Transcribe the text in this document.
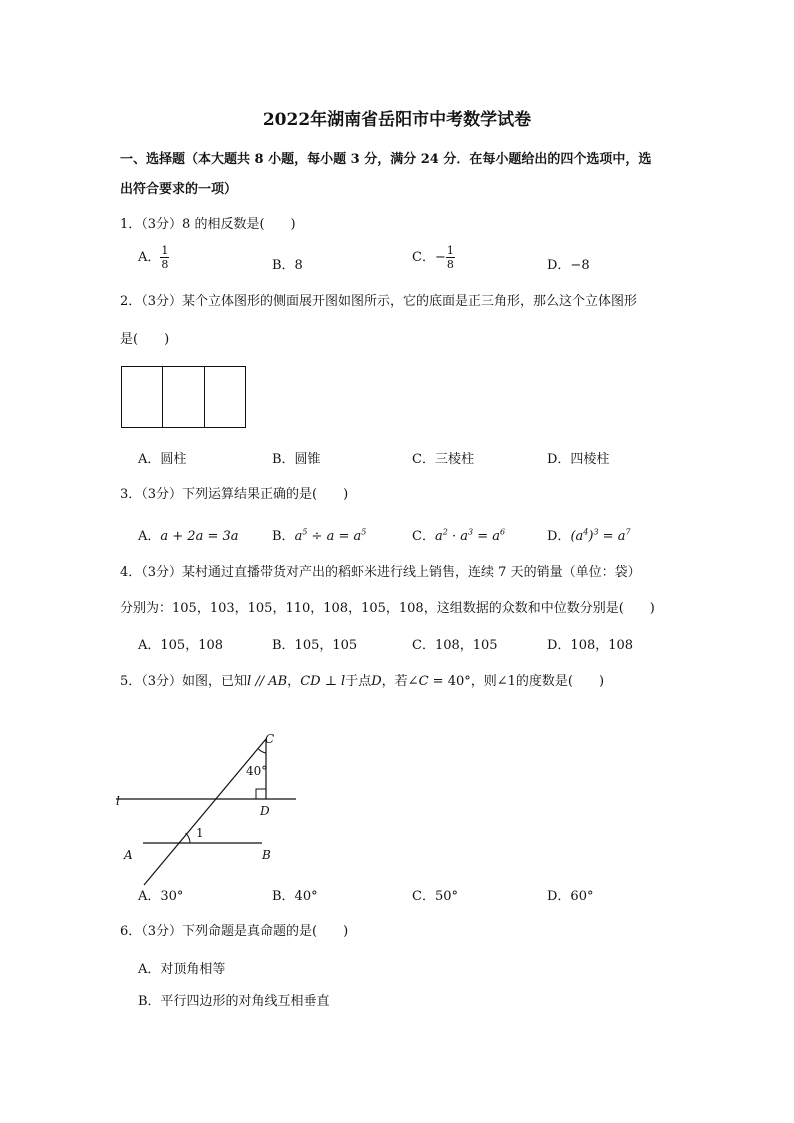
2022年湖南省岳阳市中考数学试卷
一、选择题（本大题共 8 小题，每小题 3 分，满分 24 分．在每小题给出的四个选项中，选
出符合要求的一项）
1．（3分）8 的相反数是(　　)
A． $\frac{1}{8}$	B．8
C．− $\frac{1}{8}$	D．−8
2．（3分）某个立体图形的侧面展开图如图所示，它的底面是正三角形，那么这个立体图形
是(　　)
A．圆柱	B．圆锥	C．三棱柱	D．四棱柱
3．（3分）下列运算结果正确的是(　　)
A．a + 2a = 3a	B．$a^5 \div a = a^5$	C．$a^2 \cdot a^3 = a^6$	D．$(a^4)^3 = a^7$
4．（3分）某村通过直播带货对产出的稻虾米进行线上销售，连续 7 天的销量（单位：袋）
分别为：105，103，105，110，108，105，108，这组数据的众数和中位数分别是(　　)
A．105，108	B．105，105	C．108，105	D．108，108
5．（3分）如图，已知l // AB，CD ⊥ l于点D，若∠C = 40°，则∠1的度数是(　　)
C
40°
l
D
1
A	B
A．30°	B．40°	C．50°	D．60°
6．（3分）下列命题是真命题的是(　　)
A．对顶角相等
B．平行四边形的对角线互相垂直
